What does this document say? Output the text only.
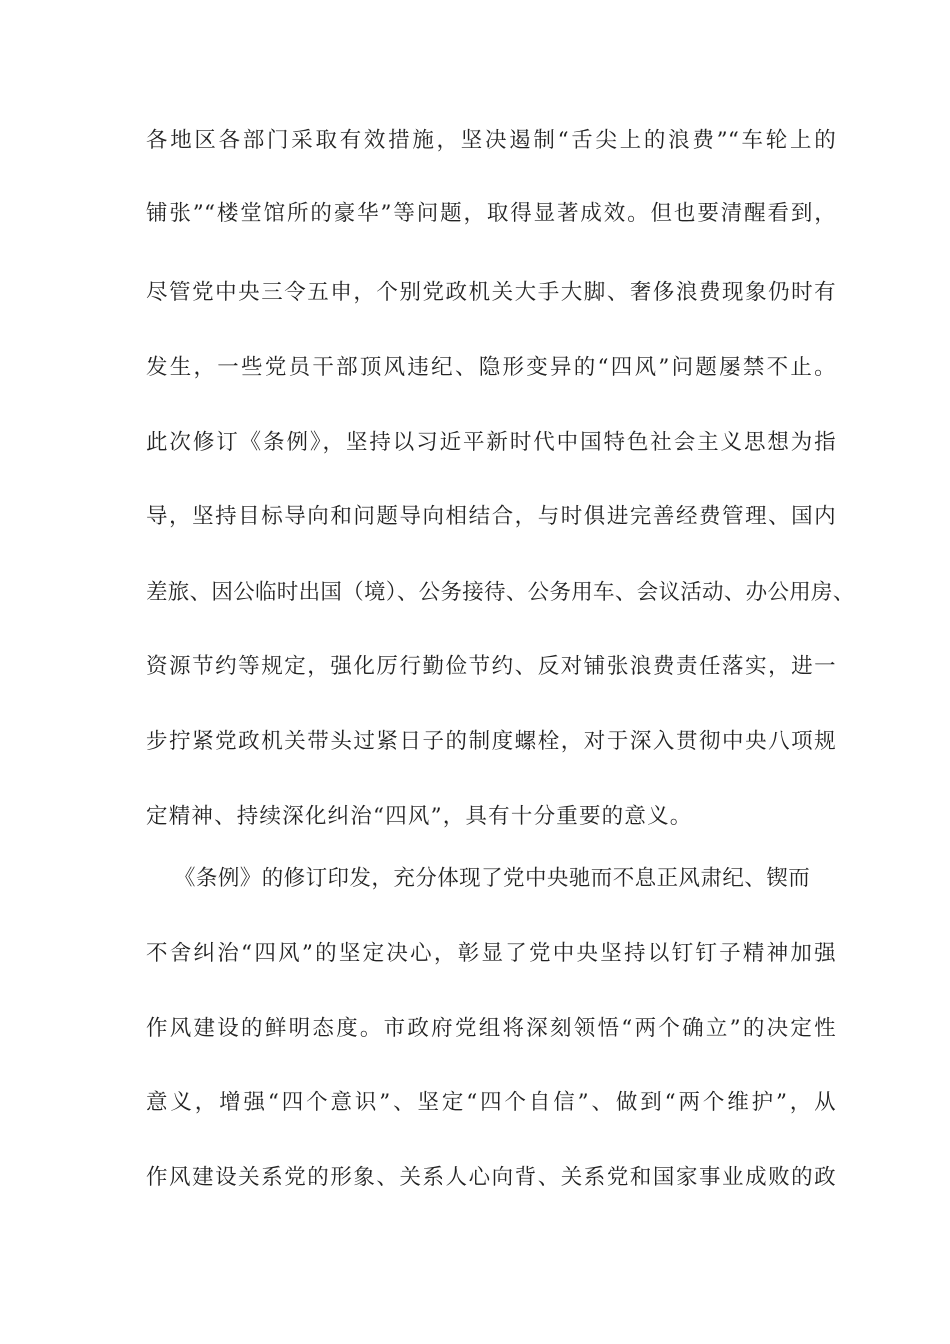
各地区各部门采取有效措施，坚决遏制“舌尖上的浪费”“车轮上的
铺张”“楼堂馆所的豪华”等问题，取得显著成效。但也要清醒看到，
尽管党中央三令五申，个别党政机关大手大脚、奢侈浪费现象仍时有
发生，一些党员干部顶风违纪、隐形变异的“四风”问题屡禁不止。
此次修订《条例》，坚持以习近平新时代中国特色社会主义思想为指
导，坚持目标导向和问题导向相结合，与时俱进完善经费管理、国内
差旅、因公临时出国（境）、公务接待、公务用车、会议活动、办公用房、
资源节约等规定，强化厉行勤俭节约、反对铺张浪费责任落实，进一
步拧紧党政机关带头过紧日子的制度螺栓，对于深入贯彻中央八项规
定精神、持续深化纠治“四风”，具有十分重要的意义。
《条例》的修订印发，充分体现了党中央驰而不息正风肃纪、锲而
不舍纠治“四风”的坚定决心，彰显了党中央坚持以钉钉子精神加强
作风建设的鲜明态度。市政府党组将深刻领悟“两个确立”的决定性
意义，增强“四个意识”、坚定“四个自信”、做到“两个维护”，从
作风建设关系党的形象、关系人心向背、关系党和国家事业成败的政
